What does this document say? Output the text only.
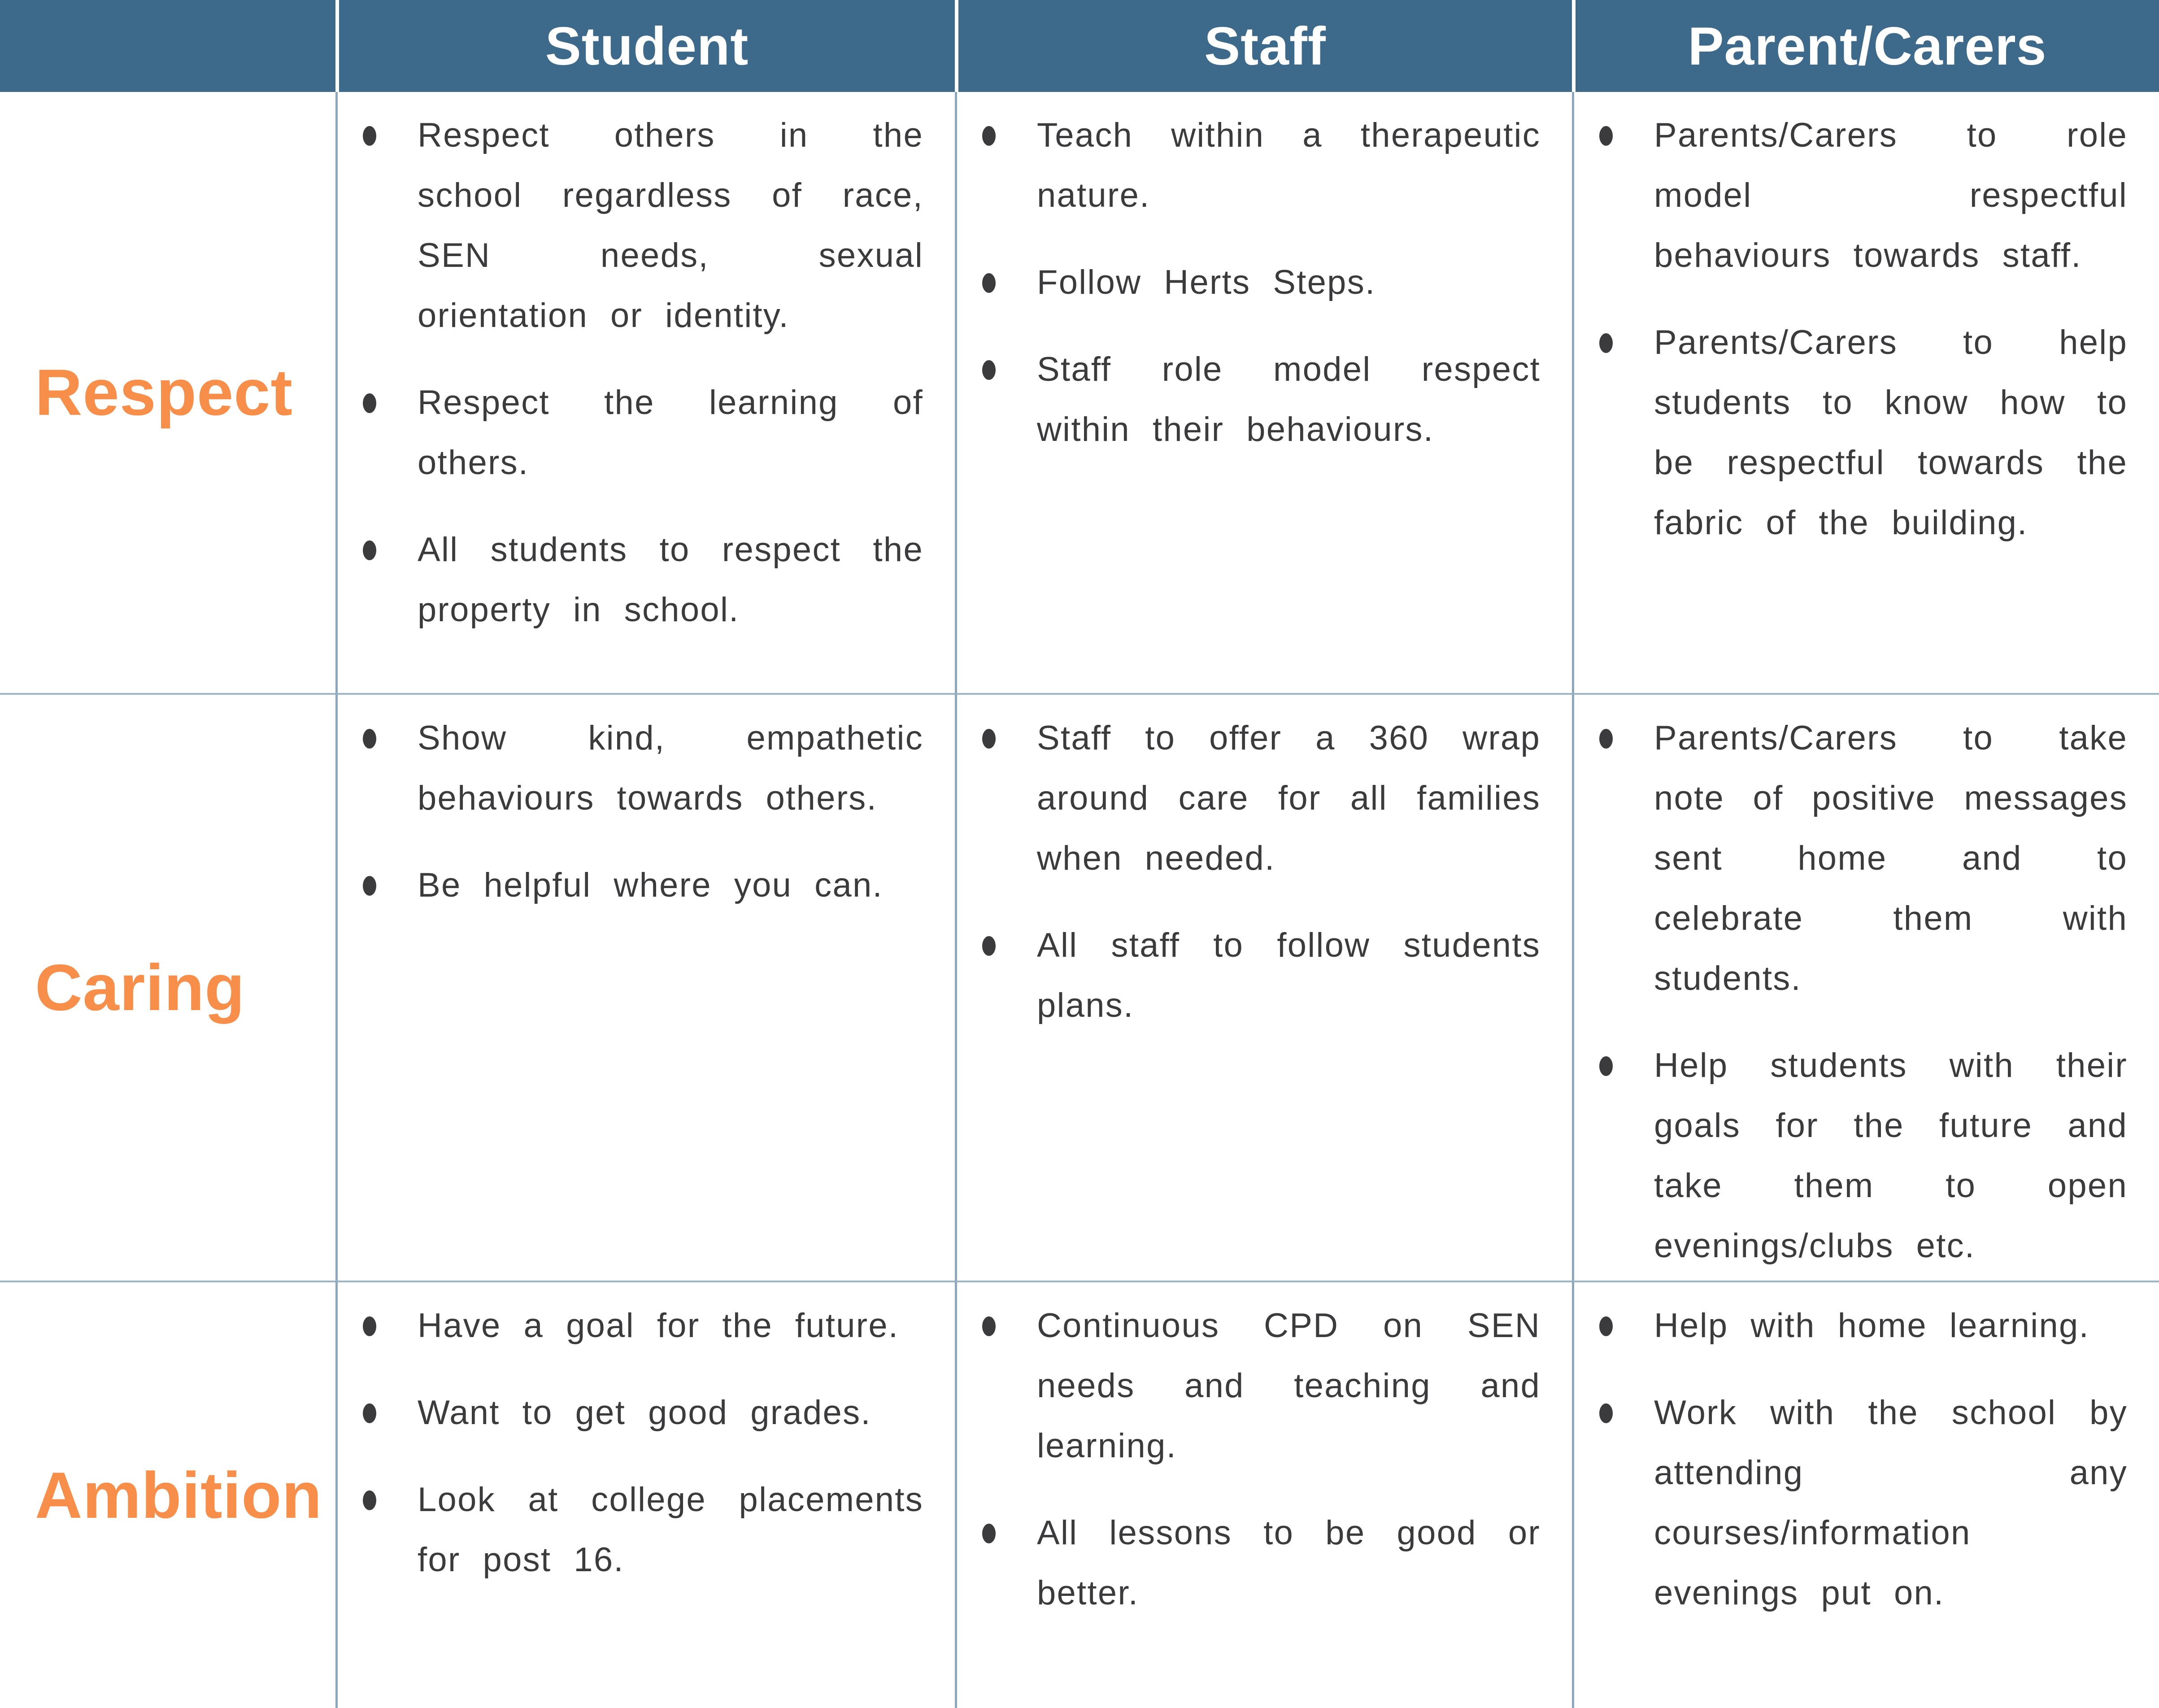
Student	Staff	Parent/Carers
Respect
Respect others in the school regardless of race, SEN needs, sexual orientation or identity.
Respect the learning of others.
All students to respect the property in school.
Teach within a therapeutic nature.
Follow Herts Steps.
Staff role model respect within their behaviours.
Parents/Carers to role model respectful behaviours towards staff.
Parents/Carers to help students to know how to be respectful towards the fabric of the building.
Caring
Show kind, empathetic behaviours towards others.
Be helpful where you can.
Staff to offer a 360 wrap around care for all families when needed.
All staff to follow students plans.
Parents/Carers to take note of positive messages sent home and to celebrate them with students.
Help students with their goals for the future and take them to open evenings/clubs etc.
Ambition
Have a goal for the future.
Want to get good grades.
Look at college placements for post 16.
Continuous CPD on SEN needs and teaching and learning.
All lessons to be good or better.
Help with home learning.
Work with the school by attending any courses/information evenings put on.
